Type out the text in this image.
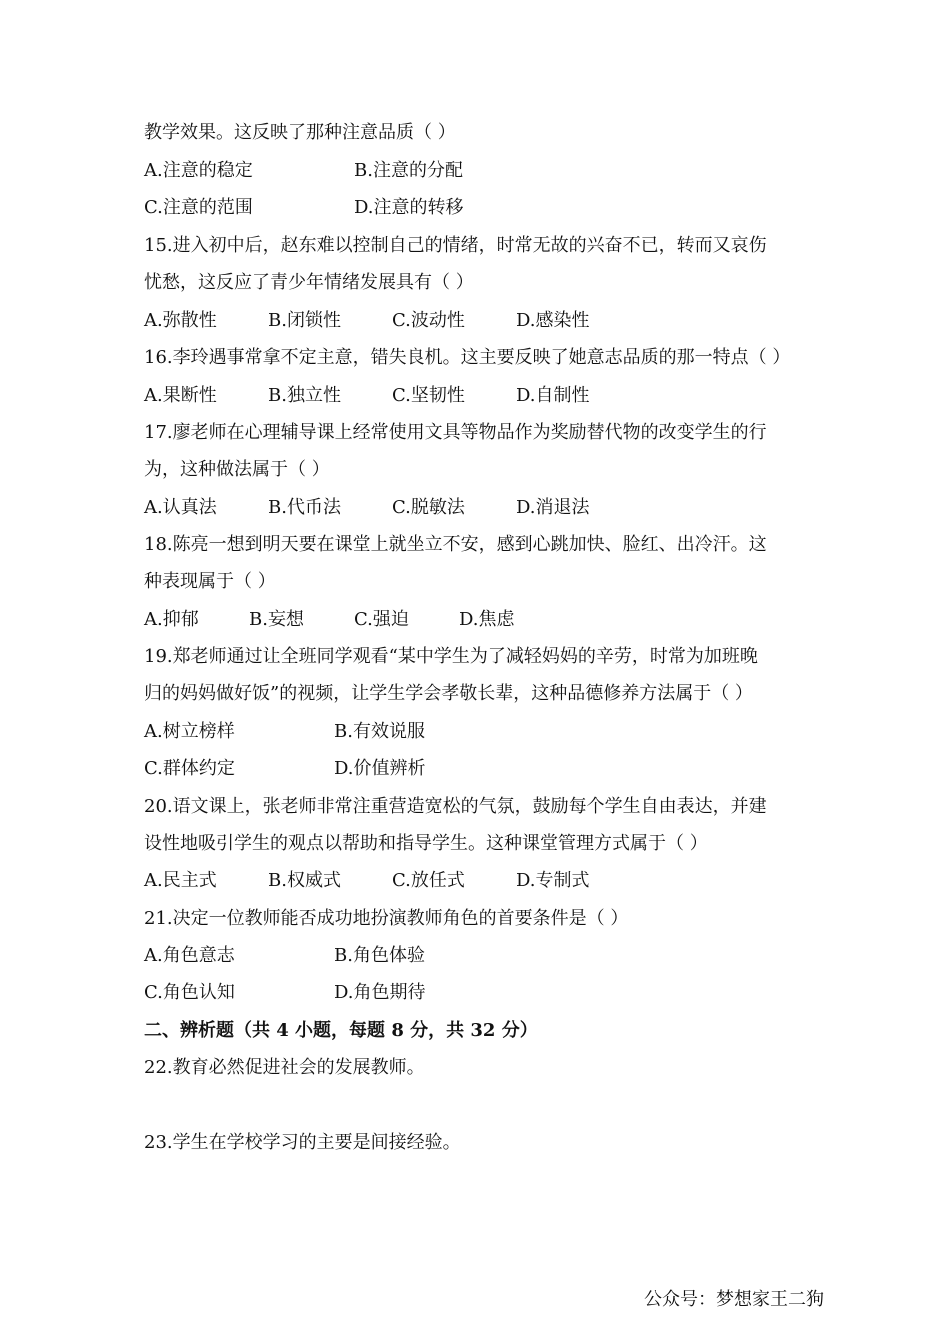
教学效果。这反映了那种注意品质（ ）
A.注意的稳定	B.注意的分配
C.注意的范围	D.注意的转移
15.进入初中后，赵东难以控制自己的情绪，时常无故的兴奋不已，转而又哀伤
忧愁，这反应了青少年情绪发展具有（ ）
A.弥散性	B.闭锁性	C.波动性	D.感染性
16.李玲遇事常拿不定主意，错失良机。这主要反映了她意志品质的那一特点（ ）
A.果断性	B.独立性	C.坚韧性	D.自制性
17.廖老师在心理辅导课上经常使用文具等物品作为奖励替代物的改变学生的行
为，这种做法属于（ ）
A.认真法	B.代币法	C.脱敏法	D.消退法
18.陈亮一想到明天要在课堂上就坐立不安，感到心跳加快、脸红、出冷汗。这
种表现属于（ ）
A.抑郁	B.妄想	C.强迫	D.焦虑
19.郑老师通过让全班同学观看“某中学生为了减轻妈妈的辛劳，时常为加班晚
归的妈妈做好饭”的视频，让学生学会孝敬长辈，这种品德修养方法属于（ ）
A.树立榜样	B.有效说服
C.群体约定	D.价值辨析
20.语文课上，张老师非常注重营造宽松的气氛，鼓励每个学生自由表达，并建
设性地吸引学生的观点以帮助和指导学生。这种课堂管理方式属于（ ）
A.民主式	B.权威式	C.放任式	D.专制式
21.决定一位教师能否成功地扮演教师角色的首要条件是（ ）
A.角色意志	B.角色体验
C.角色认知	D.角色期待
二、辨析题（共 4 小题，每题 8 分，共 32 分）
22.教育必然促进社会的发展教师。
23.学生在学校学习的主要是间接经验。
公众号：梦想家王二狗
